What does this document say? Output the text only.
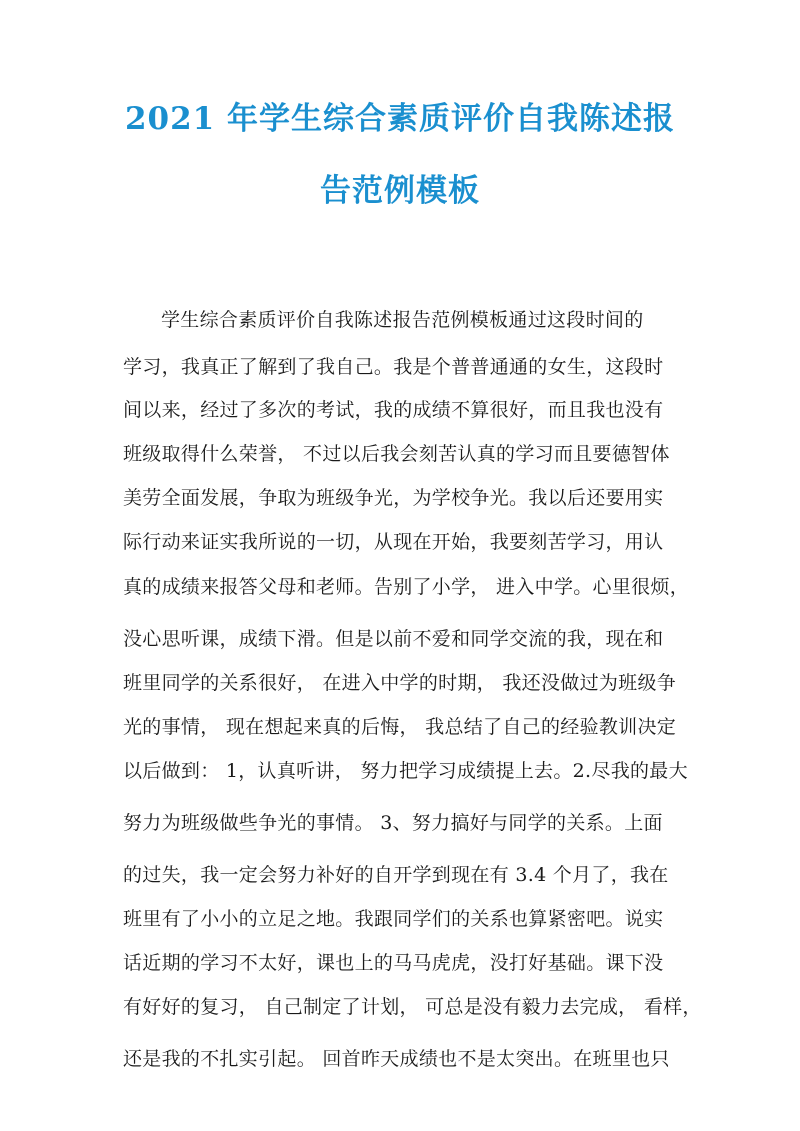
2021 年学生综合素质评价自我陈述报
告范例模板
学生综合素质评价自我陈述报告范例模板通过这段时间的
学习，我真正了解到了我自己。我是个普普通通的女生，这段时
间以来，经过了多次的考试，我的成绩不算很好，而且我也没有
班级取得什么荣誉， 不过以后我会刻苦认真的学习而且要德智体
美劳全面发展，争取为班级争光，为学校争光。我以后还要用实
际行动来证实我所说的一切，从现在开始，我要刻苦学习，用认
真的成绩来报答父母和老师。告别了小学， 进入中学。心里很烦，
没心思听课，成绩下滑。但是以前不爱和同学交流的我，现在和
班里同学的关系很好， 在进入中学的时期， 我还没做过为班级争
光的事情， 现在想起来真的后悔， 我总结了自己的经验教训决定
以后做到： 1，认真听讲， 努力把学习成绩提上去。2.尽我的最大
努力为班级做些争光的事情。 3、努力搞好与同学的关系。上面
的过失，我一定会努力补好的自开学到现在有 3.4 个月了，我在
班里有了小小的立足之地。我跟同学们的关系也算紧密吧。说实
话近期的学习不太好，课也上的马马虎虎，没打好基础。课下没
有好好的复习， 自己制定了计划， 可总是没有毅力去完成， 看样，
还是我的不扎实引起。 回首昨天成绩也不是太突出。在班里也只
